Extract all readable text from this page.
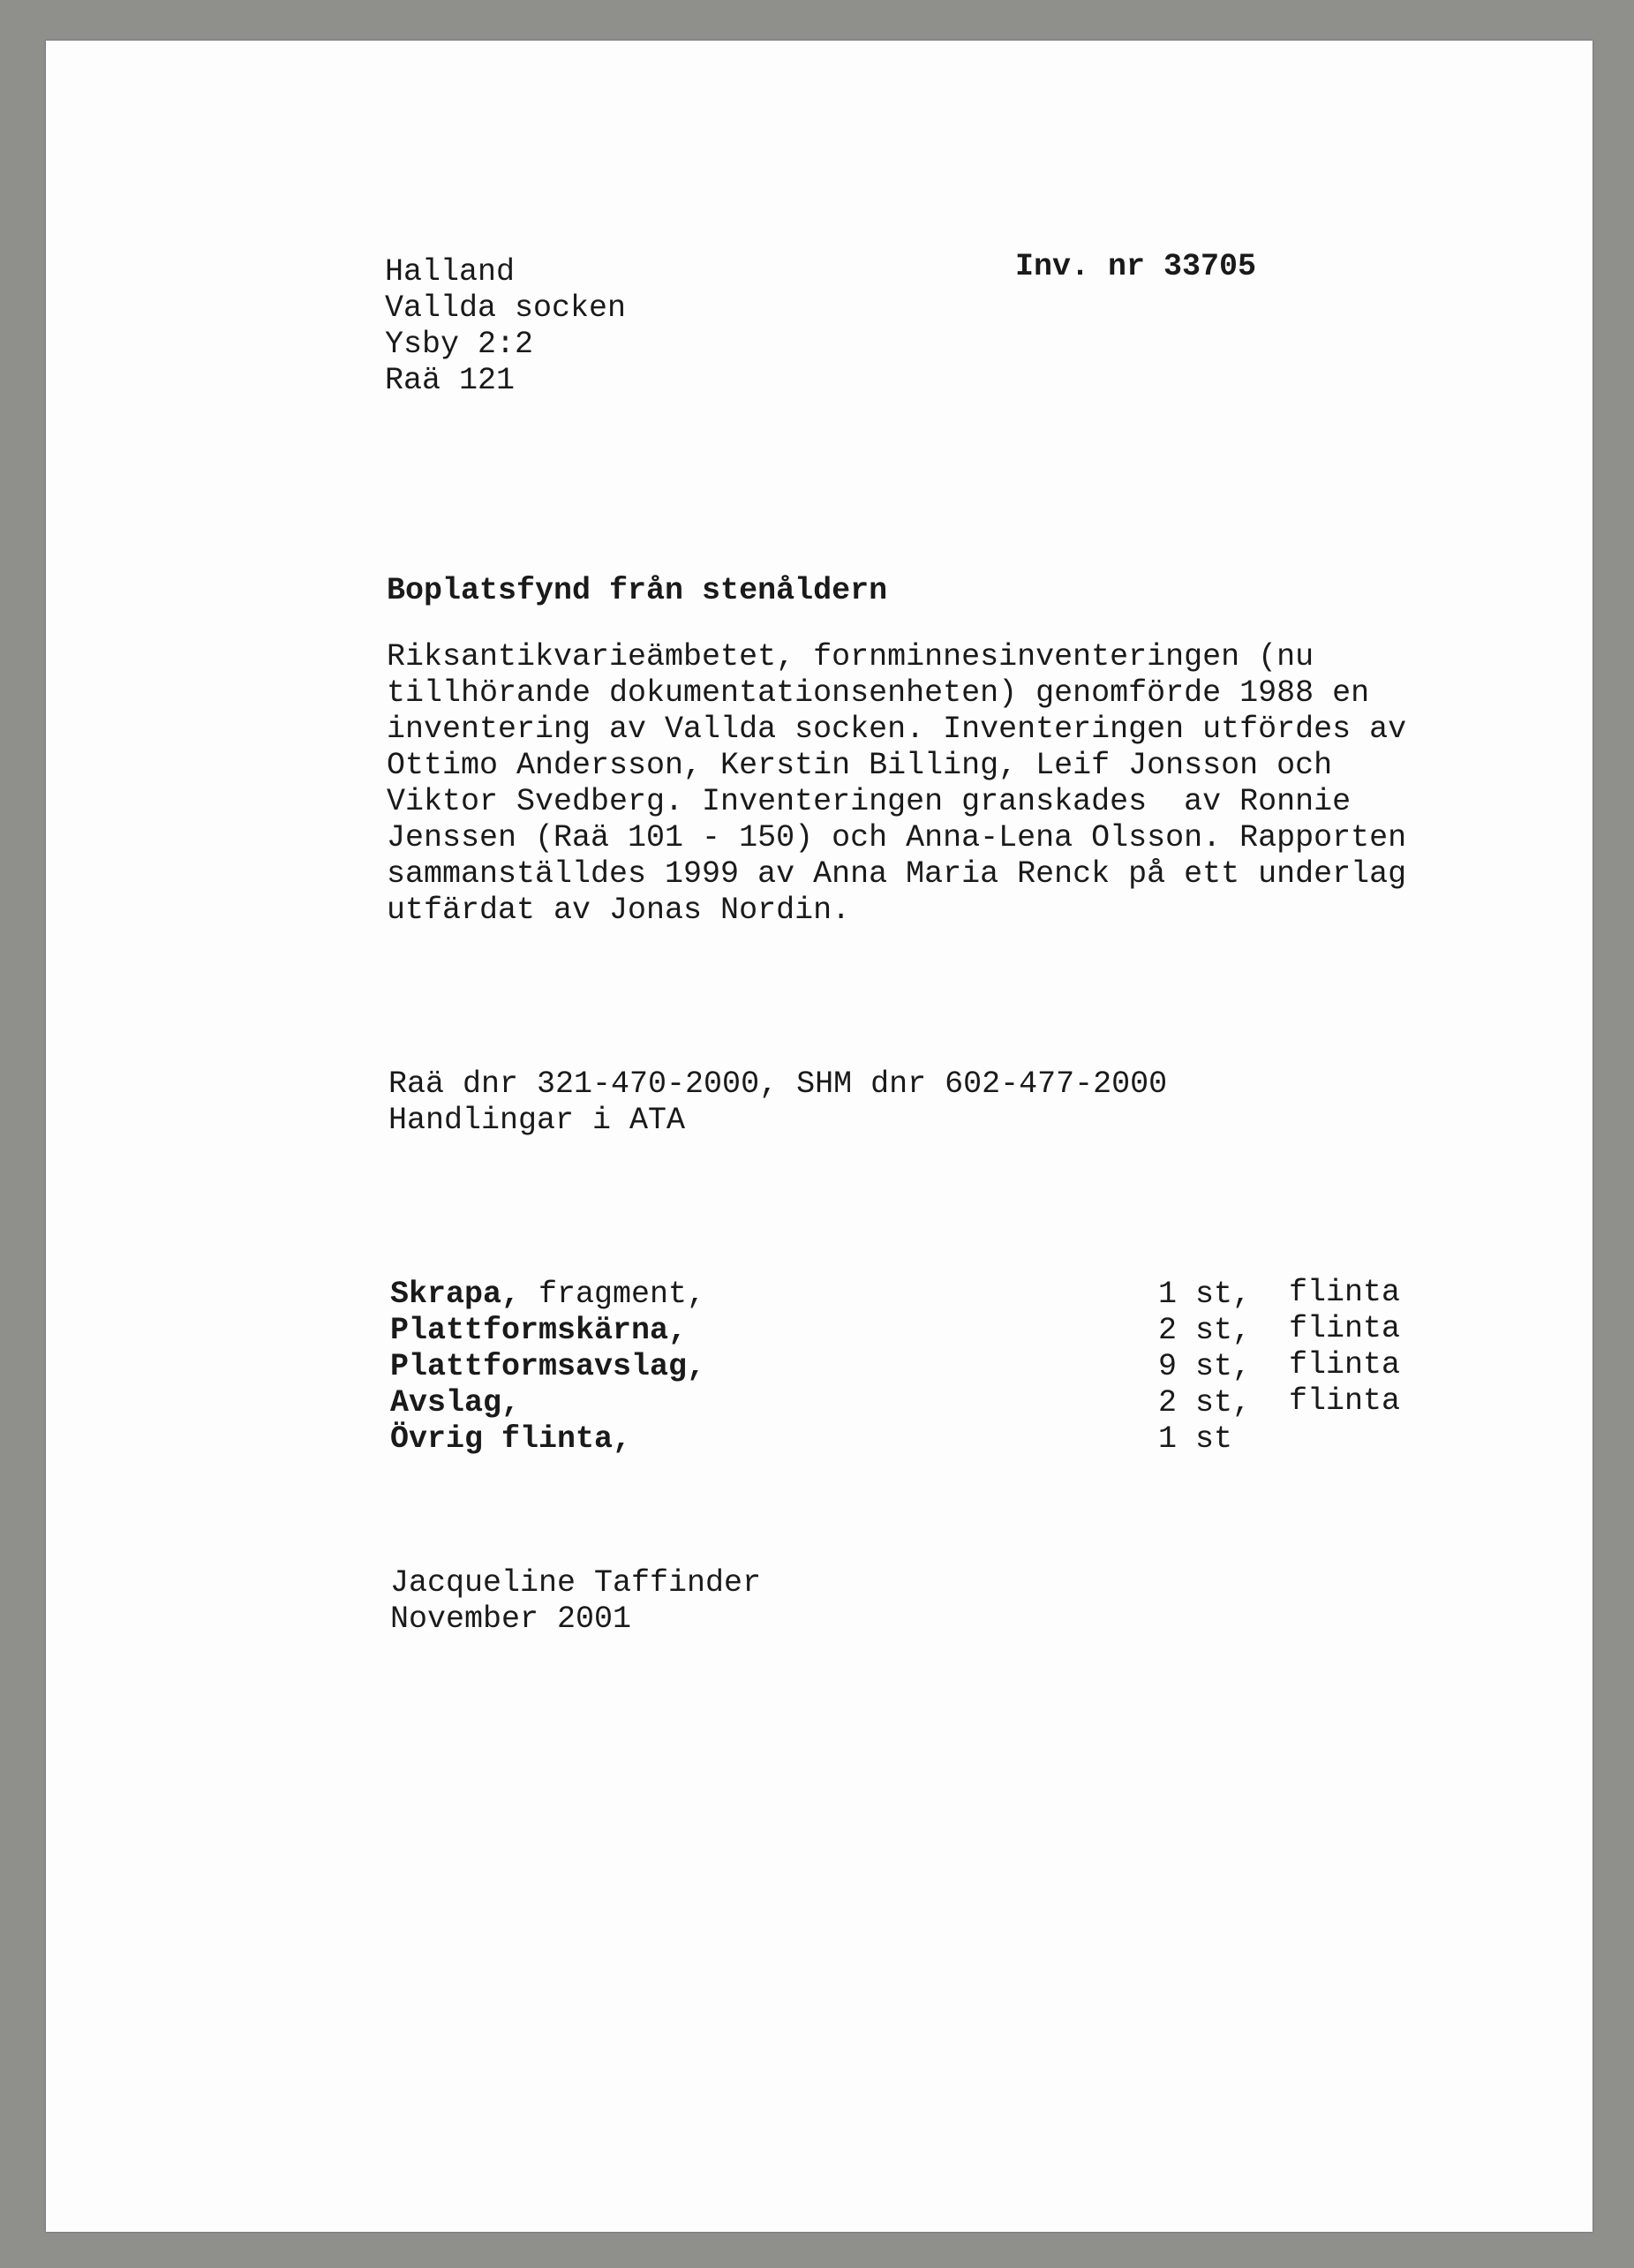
Halland
Vallda socken
Ysby 2:2
Raä 121
Inv. nr 33705
Boplatsfynd från stenåldern
Riksantikvarieämbetet, fornminnesinventeringen (nu
tillhörande dokumentationsenheten) genomförde 1988 en
inventering av Vallda socken. Inventeringen utfördes av
Ottimo Andersson, Kerstin Billing, Leif Jonsson och
Viktor Svedberg. Inventeringen granskades  av Ronnie
Jenssen (Raä 101 - 150) och Anna-Lena Olsson. Rapporten
sammanställdes 1999 av Anna Maria Renck på ett underlag
utfärdat av Jonas Nordin.
Raä dnr 321-470-2000, SHM dnr 602-477-2000
Handlingar i ATA
Skrapa, fragment,
Plattformskärna,
Plattformsavslag,
Avslag,
Övrig flinta,
1 st,
2 st,
9 st,
2 st,
1 st
flinta
flinta
flinta
flinta
Jacqueline Taffinder
November 2001
